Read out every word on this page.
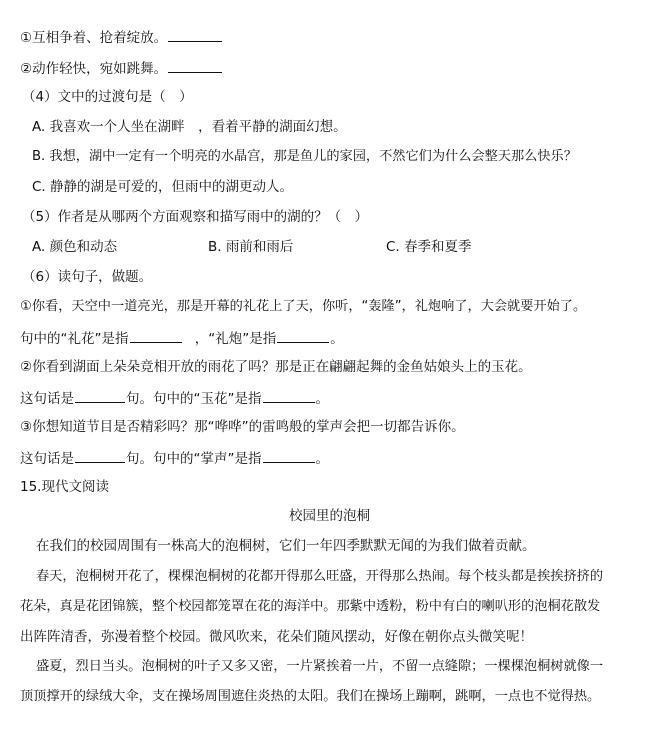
①互相争着、抢着绽放。
②动作轻快，宛如跳舞。
（4）文中的过渡句是（　）
A. 我喜欢一个人坐在湖畔　，看着平静的湖面幻想。
B. 我想，湖中一定有一个明亮的水晶宫，那是鱼儿的家园，不然它们为什么会整天那么快乐？
C. 静静的湖是可爱的，但雨中的湖更动人。
（5）作者是从哪两个方面观察和描写雨中的湖的？（　）
A. 颜色和动态	B. 雨前和雨后	C. 春季和夏季
（6）读句子，做题。
①你看，天空中一道亮光，那是开幕的礼花上了天，你听，“轰隆”，礼炮响了，大会就要开始了。
句中的“礼花”是指	，“礼炮”是指	。
②你看到湖面上朵朵竞相开放的雨花了吗？那是正在翩翩起舞的金鱼姑娘头上的玉花。
这句话是	句。句中的“玉花”是指	。
③你想知道节目是否精彩吗？那“哗哗”的雷鸣般的掌声会把一切都告诉你。
这句话是	句。句中的“掌声”是指	。
15.现代文阅读
校园里的泡桐
在我们的校园周围有一株高大的泡桐树，它们一年四季默默无闻的为我们做着贡献。
春天，泡桐树开花了，棵棵泡桐树的花都开得那么旺盛，开得那么热闹。每个枝头都是挨挨挤挤的
花朵，真是花团锦簇，整个校园都笼罩在花的海洋中。那紫中透粉，粉中有白的喇叭形的泡桐花散发
出阵阵清香，弥漫着整个校园。微风吹来，花朵们随风摆动，好像在朝你点头微笑呢！
盛夏，烈日当头。泡桐树的叶子又多又密，一片紧挨着一片，不留一点缝隙；一棵棵泡桐树就像一
顶顶撑开的绿绒大伞，支在操场周围遮住炎热的太阳。我们在操场上蹦啊，跳啊，一点也不觉得热。
